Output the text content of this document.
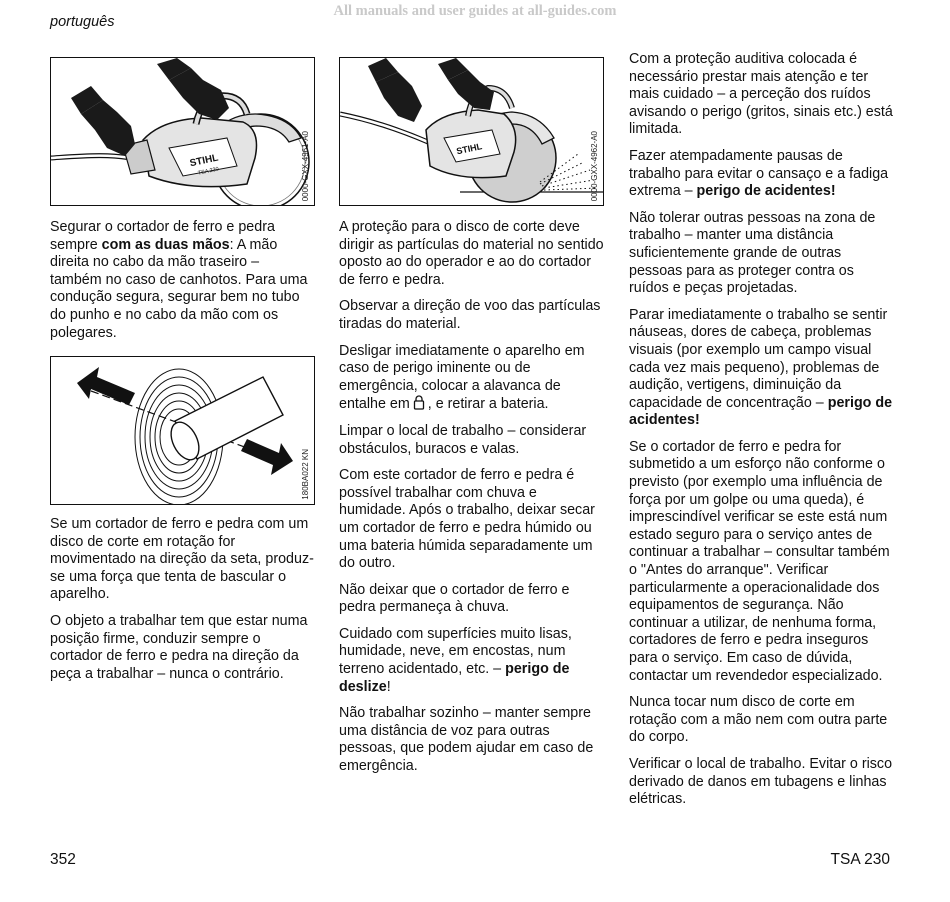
All manuals and user guides at all-guides.com
português
STIHL
TSA 230	0000-GXX-4961-A0	STIHL	0000-GXX-4962-A0
180BA022 KN

Segurar o cortador de ferro e pedra sempre com as duas mãos: A mão direita no cabo da mão traseiro – também no caso de canhotos. Para uma condução segura, segurar bem no tubo do punho e no cabo da mão com os polegares.

Se um cortador de ferro e pedra com um disco de corte em rotação for movimentado na direção da seta, produz-se uma força que tenta de bascular o aparelho.

O objeto a trabalhar tem que estar numa posição firme, conduzir sempre o cortador de ferro e pedra na direção da peça a trabalhar – nunca o contrário.

A proteção para o disco de corte deve dirigir as partículas do material no sentido oposto ao do operador e ao do cortador de ferro e pedra.

Observar a direção de voo das partículas tiradas do material.

Desligar imediatamente o aparelho em caso de perigo iminente ou de emergência, colocar a alavanca de entalhe em , e retirar a bateria.

Limpar o local de trabalho – considerar obstáculos, buracos e valas.

Com este cortador de ferro e pedra é possível trabalhar com chuva e humidade. Após o trabalho, deixar secar um cortador de ferro e pedra húmido ou uma bateria húmida separadamente um do outro.

Não deixar que o cortador de ferro e pedra permaneça à chuva.

Cuidado com superfícies muito lisas, humidade, neve, em encostas, num terreno acidentado, etc. – perigo de deslize!

Não trabalhar sozinho – manter sempre uma distância de voz para outras pessoas, que podem ajudar em caso de emergência.

Com a proteção auditiva colocada é necessário prestar mais atenção e ter mais cuidado – a perceção dos ruídos avisando o perigo (gritos, sinais etc.) está limitada.

Fazer atempadamente pausas de trabalho para evitar o cansaço e a fadiga extrema – perigo de acidentes!

Não tolerar outras pessoas na zona de trabalho – manter uma distância suficientemente grande de outras pessoas para as proteger contra os ruídos e peças projetadas.

Parar imediatamente o trabalho se sentir náuseas, dores de cabeça, problemas visuais (por exemplo um campo visual cada vez mais pequeno), problemas de audição, vertigens, diminuição da capacidade de concentração – perigo de acidentes!

Se o cortador de ferro e pedra for submetido a um esforço não conforme o previsto (por exemplo uma influência de força por um golpe ou uma queda), é imprescindível verificar se este está num estado seguro para o serviço antes de continuar a trabalhar – consultar também o "Antes do arranque". Verificar particularmente a operacionalidade dos equipamentos de segurança. Não continuar a utilizar, de nenhuma forma, cortadores de ferro e pedra inseguros para o serviço. Em caso de dúvida, contactar um revendedor especializado.

Nunca tocar num disco de corte em rotação com a mão nem com outra parte do corpo.

Verificar o local de trabalho. Evitar o risco derivado de danos em tubagens e linhas elétricas.

352	TSA 230
